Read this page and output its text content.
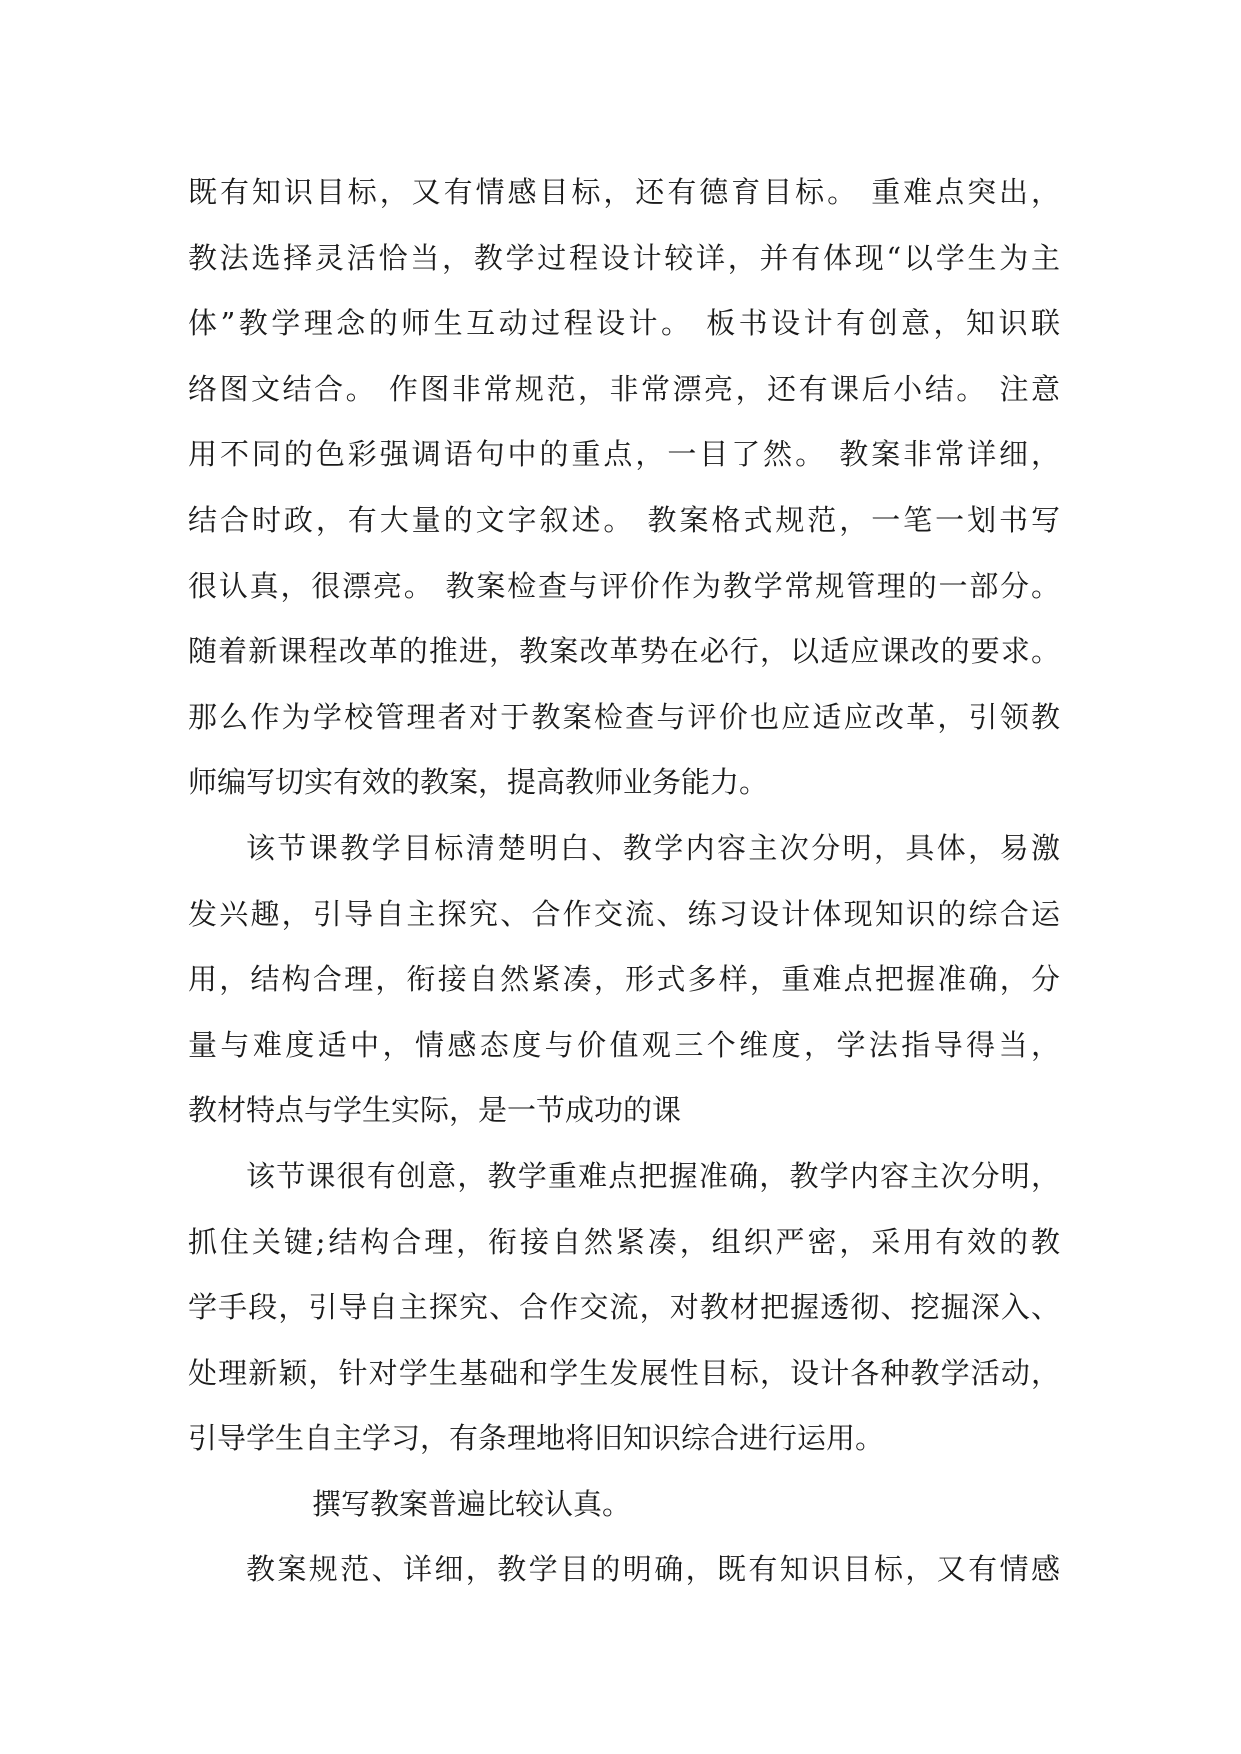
既有知识目标，又有情感目标，还有德育目标。 重难点突出，
教法选择灵活恰当，教学过程设计较详，并有体现“以学生为主
体”教学理念的师生互动过程设计。 板书设计有创意，知识联
络图文结合。 作图非常规范，非常漂亮，还有课后小结。 注意
用不同的色彩强调语句中的重点，一目了然。 教案非常详细，
结合时政，有大量的文字叙述。 教案格式规范，一笔一划书写
很认真，很漂亮。 教案检查与评价作为教学常规管理的一部分。
随着新课程改革的推进，教案改革势在必行，以适应课改的要求。
那么作为学校管理者对于教案检查与评价也应适应改革，引领教
师编写切实有效的教案，提高教师业务能力。
该节课教学目标清楚明白、教学内容主次分明，具体，易激
发兴趣，引导自主探究、合作交流、练习设计体现知识的综合运
用，结构合理，衔接自然紧凑，形式多样，重难点把握准确，分
量与难度适中，情感态度与价值观三个维度，学法指导得当，
教材特点与学生实际，是一节成功的课
该节课很有创意，教学重难点把握准确，教学内容主次分明，
抓住关键;结构合理，衔接自然紧凑，组织严密，采用有效的教
学手段，引导自主探究、合作交流，对教材把握透彻、挖掘深入、
处理新颖，针对学生基础和学生发展性目标，设计各种教学活动，
引导学生自主学习，有条理地将旧知识综合进行运用。
撰写教案普遍比较认真。
教案规范、详细，教学目的明确，既有知识目标，又有情感
